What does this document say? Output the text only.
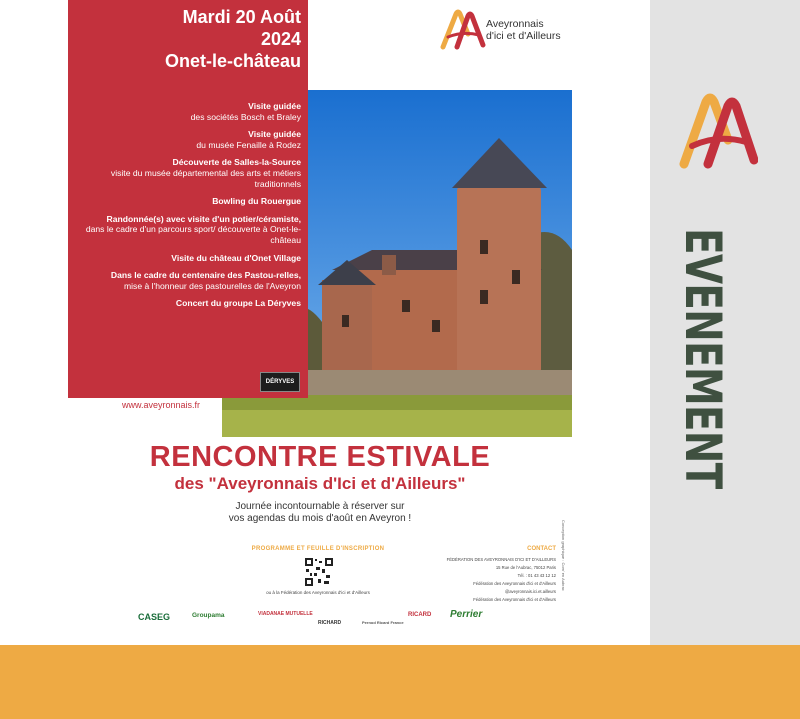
EVENEMENT
Mardi 20 Août
2024
Onet-le-château
Visite guidée
des sociétés Bosch et Braley
Visite guidée
du musée Fenaille à Rodez
Découverte de Salles-la-Source
visite du musée départemental des arts et métiers traditionnels
Bowling du Rouergue
Randonnée(s) avec visite d'un potier/céramiste,
dans le cadre d'un parcours sport/ découverte à Onet-le-château
Visite du château d'Onet Village
Dans le cadre du centenaire des Pastou-relles,
mise à l'honneur des pastourelles de l'Aveyron
Concert du groupe La Déryves
DÉRYVES
www.aveyronnais.fr
Aveyronnais
d'ici et d'Ailleurs
RENCONTRE ESTIVALE
des "Aveyronnais d'Ici et d'Ailleurs"
Journée incontournable à réserver sur
vos agendas du mois d'août en Aveyron !
PROGRAMME ET FEUILLE D'INSCRIPTION
ou à la Fédération des Aveyronnais d'ici et d'Ailleurs
CONTACT
FÉDÉRATION DES AVEYRONNAIS D'ICI ET D'AILLEURS
15 Rue de l'Aubrac, 75012 Paris
Tél. : 01 43 43 12 12
Fédération des Aveyronnais d'ici et d'Ailleurs
@aveyronnais.ici.et.ailleurs
Fédération des Aveyronnais d'ici et d'Ailleurs
Conception graphique : Com' en Aubrac
CASEG	Groupama	VIADANAE MUTUELLE
RICHARD	Pernod Ricard France
RICARD Perrier
